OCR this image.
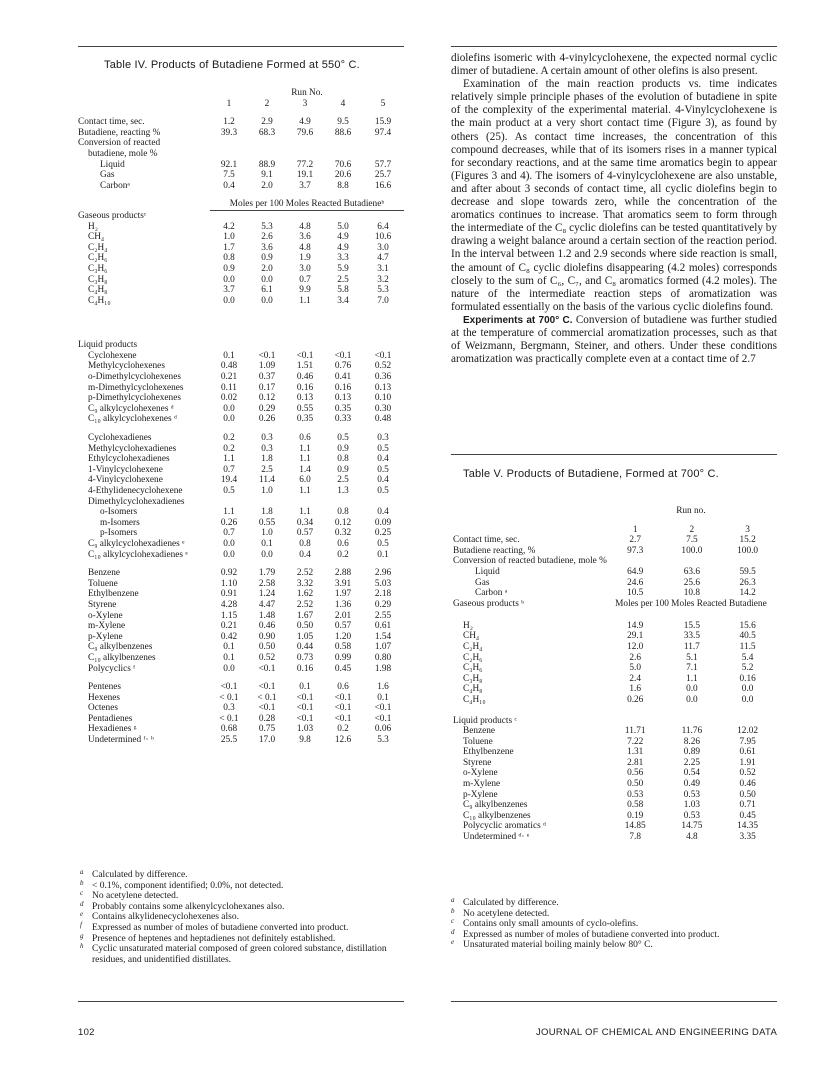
Table IV. Products of Butadiene Formed at 550° C.
	Run No.				
	1	2	3	4	5

Contact time, sec.	1.2	2.9	4.9	9.5	15.9
Butadiene, reacting %	39.3	68.3	79.6	88.6	97.4
Conversion of reacted					
butadiene, mole %					
Liquid	92.1	88.9	77.2	70.6	57.7
Gas	7.5	9.1	19.1	20.6	25.7
Carbonᵃ	0.4	2.0	3.7	8.8	16.6
	Moles per 100 Moles Reacted Butadieneᵇ				
Gaseous productsᶜ					
H₂	4.2	5.3	4.8	5.0	6.4
CH₄	1.0	2.6	3.6	4.9	10.6
C₂H₄	1.7	3.6	4.8	4.9	3.0
C₂H₆	0.8	0.9	1.9	3.3	4.7
C₃H₆	0.9	2.0	3.0	5.9	3.1
C₃H₈	0.0	0.0	0.7	2.5	3.2
C₄H₈	3.7	6.1	9.9	5.8	5.3
C₄H₁₀	0.0	0.0	1.1	3.4	7.0

Liquid products					
Cyclohexene	0.1	<0.1	<0.1	<0.1	<0.1
Methylcyclohexenes	0.48	1.09	1.51	0.76	0.52
o-Dimethylcyclohexenes	0.21	0.37	0.46	0.41	0.36
m-Dimethylcyclohexenes	0.11	0.17	0.16	0.16	0.13
p-Dimethylcyclohexenes	0.02	0.12	0.13	0.13	0.10
C₉ alkylcyclohexenes ᵈ	0.0	0.29	0.55	0.35	0.30
C₁₀ alkylcyclohexenes ᵈ	0.0	0.26	0.35	0.33	0.48

Cyclohexadienes	0.2	0.3	0.6	0.5	0.3
Methylcyclohexadienes	0.2	0.3	1.1	0.9	0.5
Ethylcyclohexadienes	1.1	1.8	1.1	0.8	0.4
1-Vinylcyclohexene	0.7	2.5	1.4	0.9	0.5
4-Vinylcyclohexene	19.4	11.4	6.0	2.5	0.4
4-Ethylidenecyclohexene	0.5	1.0	1.1	1.3	0.5
Dimethylcyclohexadienes					
o-Isomers	1.1	1.8	1.1	0.8	0.4
m-Isomers	0.26	0.55	0.34	0.12	0.09
p-Isomers	0.7	1.0	0.57	0.32	0.25
C₉ alkylcyclohexadienes ᵉ	0.0	0.1	0.8	0.6	0.5
C₁₀ alkylcyclohexadienes ᵉ	0.0	0.0	0.4	0.2	0.1

Benzene	0.92	1.79	2.52	2.88	2.96
Toluene	1.10	2.58	3.32	3.91	5.03
Ethylbenzene	0.91	1.24	1.62	1.97	2.18
Styrene	4.28	4.47	2.52	1.36	0.29
o-Xylene	1.15	1.48	1.67	2.01	2.55
m-Xylene	0.21	0.46	0.50	0.57	0.61
p-Xylene	0.42	0.90	1.05	1.20	1.54
C₉ alkylbenzenes	0.1	0.50	0.44	0.58	1.07
C₁₀ alkylbenzenes	0.1	0.52	0.73	0.99	0.80
Polycyclics ᶠ	0.0	<0.1	0.16	0.45	1.98

Pentenes	<0.1	<0.1	0.1	0.6	1.6
Hexenes	< 0.1	< 0.1	<0.1	<0.1	0.1
Octenes	0.3	<0.1	<0.1	<0.1	<0.1
Pentadienes	< 0.1	0.28	<0.1	<0.1	<0.1
Hexadienes ᵍ	0.68	0.75	1.03	0.2	0.06
Undetermined ᶠ· ʰ	25.5	17.0	9.8	12.6	5.3
a Calculated by difference.
b < 0.1%, component identified; 0.0%, not detected.
c No acetylene detected.
d Probably contains some alkenylcyclohexanes also.
e Contains alkylidenecyclohexenes also.
f Expressed as number of moles of butadiene converted into product.
g Presence of heptenes and heptadienes not definitely established.
h Cyclic unsaturated material composed of green colored substance, distillation residues, and unidentified distillates.

diolefins isomeric with 4-vinylcyclohexene, the expected normal cyclic dimer of butadiene. A certain amount of other olefins is also present.

Examination of the main reaction products vs. time indicates relatively simple principle phases of the evolution of butadiene in spite of the complexity of the experimental material. 4-Vinylcyclohexene is the main product at a very short contact time (Figure 3), as found by others (25). As contact time increases, the concentration of this compound decreases, while that of its isomers rises in a manner typical for secondary reactions, and at the same time aromatics begin to appear (Figures 3 and 4). The isomers of 4-vinylcyclohexene are also unstable, and after about 3 seconds of contact time, all cyclic diolefins begin to decrease and slope towards zero, while the concentration of the aromatics continues to increase. That aromatics seem to form through the intermediate of the C₈ cyclic diolefins can be tested quantitatively by drawing a weight balance around a certain section of the reaction period. In the interval between 1.2 and 2.9 seconds where side reaction is small, the amount of C₈ cyclic diolefins disappearing (4.2 moles) corresponds closely to the sum of C₆, C₇, and C₈ aromatics formed (4.2 moles). The nature of the intermediate reaction steps of aromatization was formulated essentially on the basis of the various cyclic diolefins found.

Experiments at 700° C. Conversion of butadiene was further studied at the temperature of commercial aromatization processes, such as that of Weizmann, Bergmann, Steiner, and others. Under these conditions aromatization was practically complete even at a contact time of 2.7

Table V. Products of Butadiene, Formed at 700° C.
	Run no.		

	1	2	3
Contact time, sec.	2.7	7.5	15.2
Butadiene reacting, %	97.3	100.0	100.0
Conversion of reacted butadiene, mole %			
Liquid	64.9	63.6	59.5
Gas	24.6	25.6	26.3
Carbon ᵃ	10.5	10.8	14.2
Gaseous products ᵇ	Moles per 100 Moles Reacted Butadiene		
H₂	14.9	15.5	15.6
CH₄	29.1	33.5	40.5
C₂H₄	12.0	11.7	11.5
C₂H₆	2.6	5.1	5.4
C₃H₆	5.0	7.1	5.2
C₃H₈	2.4	1.1	0.16
C₄H₈	1.6	0.0	0.0
C₄H₁₀	0.26	0.0	0.0
Liquid products ᶜ			
Benzene	11.71	11.76	12.02
Toluene	7.22	8.26	7.95
Ethylbenzene	1.31	0.89	0.61
Styrene	2.81	2.25	1.91
o-Xylene	0.56	0.54	0.52
m-Xylene	0.50	0.49	0.46
p-Xylene	0.53	0.53	0.50
C₉ alkylbenzenes	0.58	1.03	0.71
C₁₀ alkylbenzenes	0.19	0.53	0.45
Polycyclic aromatics ᵈ	14.85	14.75	14.35
Undetermined ᵈ· ᵉ	7.8	4.8	3.35
a Calculated by difference.
b No acetylene detected.
c Contains only small amounts of cyclo-olefins.
d Expressed as number of moles of butadiene converted into product.
e Unsaturated material boiling mainly below 80° C.
102	JOURNAL OF CHEMICAL AND ENGINEERING DATA
